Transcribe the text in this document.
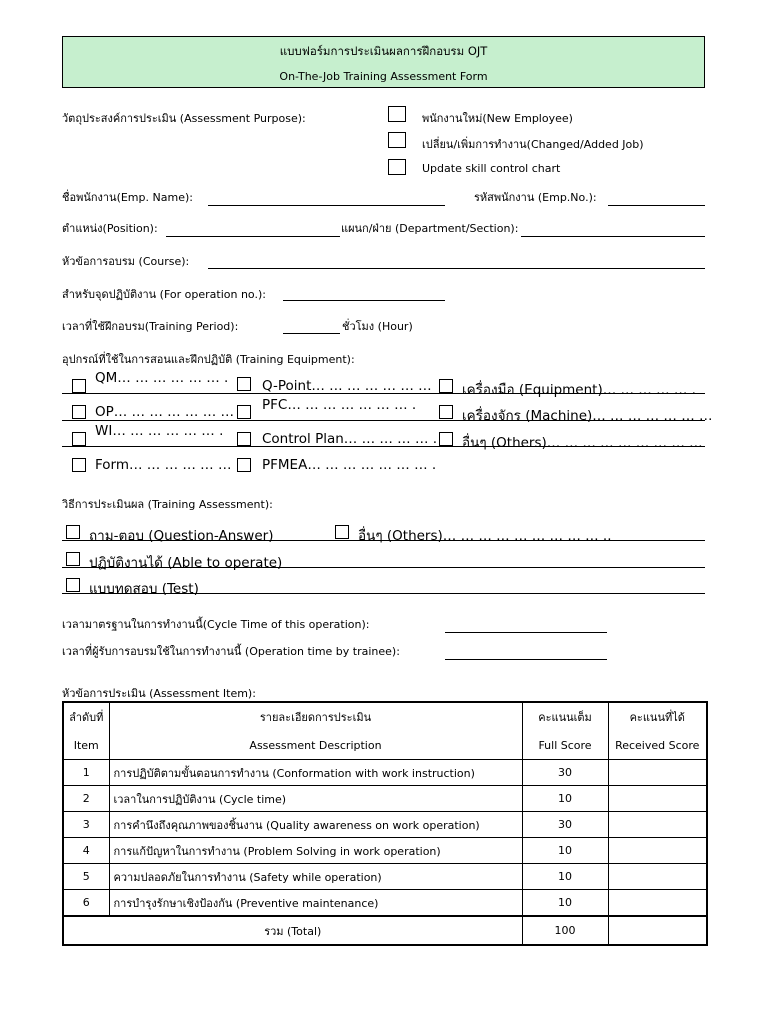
แบบฟอร์มการประเมินผลการฝึกอบรม OJT
On-The-Job Training Assessment Form
วัตถุประสงค์การประเมิน (Assessment Purpose):	พนักงานใหม่(New Employee)
เปลี่ยน/เพิ่มการทำงาน(Changed/Added Job)
Update skill control chart
ชื่อพนักงาน(Emp. Name):	รหัสพนักงาน (Emp.No.):
ตำแหน่ง(Position):	แผนก/ฝ่าย (Department/Section):
หัวข้อการอบรม (Course):
สำหรับจุดปฏิบัติงาน (For operation no.):
เวลาที่ใช้ฝึกอบรม(Training Period):	ชั่วโมง (Hour)
อุปกรณ์ที่ใช้ในการสอนและฝึกปฏิบัติ (Training Equipment):
QM… … … … … … .
OP… … … … … … …
WI… … … … … … .
Form… … … … … …
Q-Point… … … … … … …
PFC… … … … … … … .
Control Plan… … … … … .
PFMEA… … … … … … … .
เครื่องมือ (Equipment)… … … … … .
เครื่องจักร (Machine)… … … … … … …
อื่นๆ (Others)… … … … … … … … …
วิธีการประเมินผล (Training Assessment):
ถาม-ตอบ (Question-Answer)	อื่นๆ (Others)… … … … … … … … … ..
ปฏิบัติงานได้ (Able to operate)
แบบทดสอบ (Test)
เวลามาตรฐานในการทำงานนี้(Cycle Time of this operation):
เวลาที่ผู้รับการอบรมใช้ในการทำงานนี้ (Operation time by trainee):
หัวข้อการประเมิน (Assessment Item):
ลำดับที่	รายละเอียดการประเมิน	คะแนนเต็ม	คะแนนที่ได้
Item	Assessment Description	Full Score	Received Score
1	การปฏิบัติตามขั้นตอนการทำงาน (Conformation with work instruction)	30	
2	เวลาในการปฏิบัติงาน (Cycle time)	10	
3	การคำนึงถึงคุณภาพของชิ้นงาน (Quality awareness on work operation)	30	
4	การแก้ปัญหาในการทำงาน (Problem Solving in work operation)	10	
5	ความปลอดภัยในการทำงาน (Safety while operation)	10	
6	การบำรุงรักษาเชิงป้องกัน (Preventive maintenance)	10	
รวม (Total)		100	
